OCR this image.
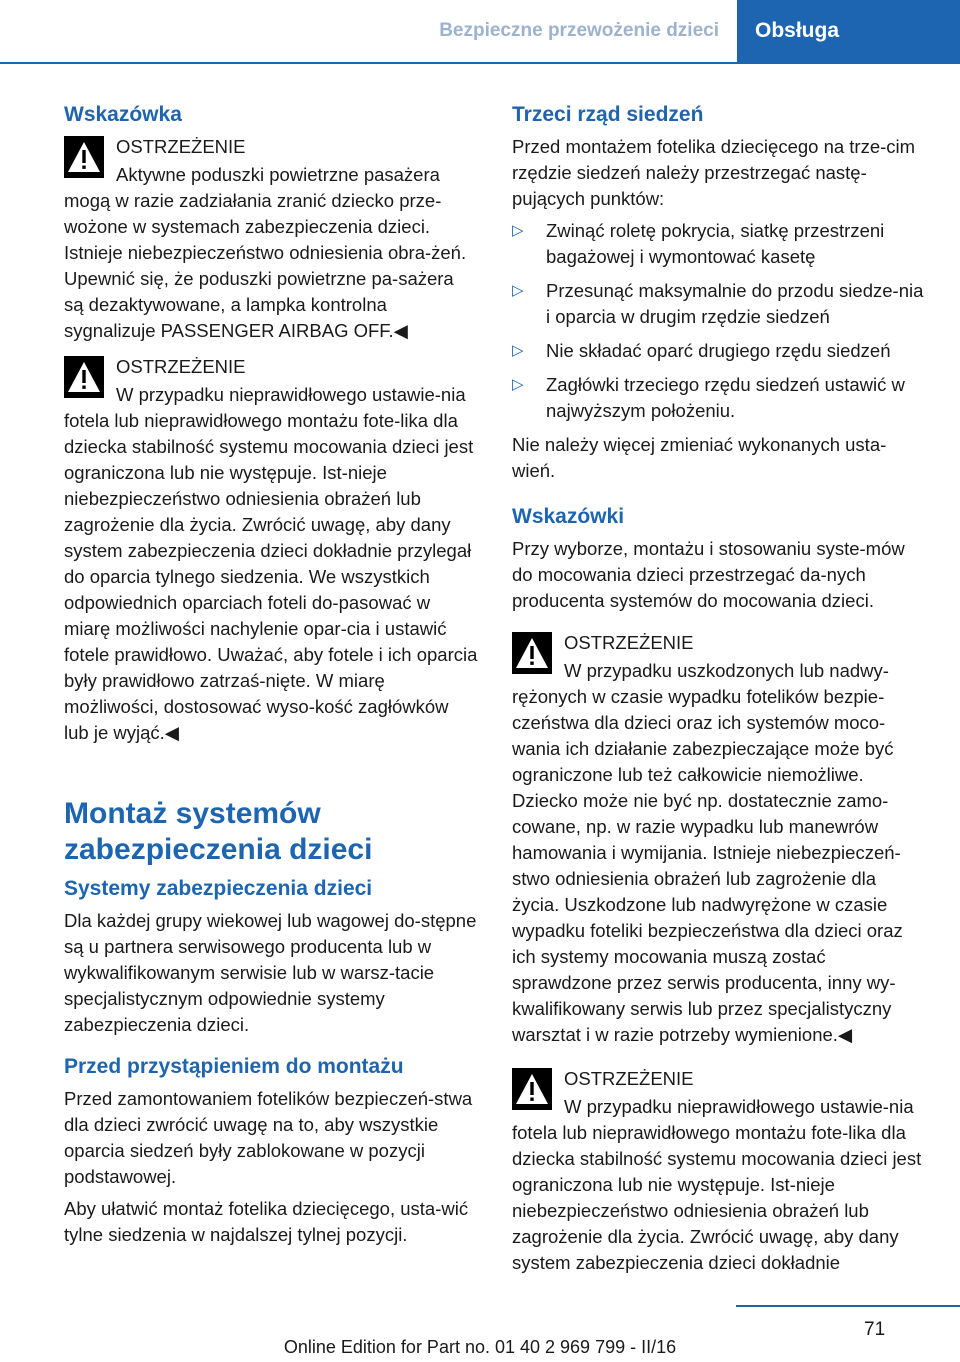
Bezpieczne przewożenie dzieci	Obsługa
Wskazówka
OSTRZEŻENIE

Aktywne poduszki powietrzne pasażera mogą w razie zadziałania zranić dziecko prze-wożone w systemach zabezpieczenia dzieci. Istnieje niebezpieczeństwo odniesienia obra-żeń. Upewnić się, że poduszki powietrzne pa-sażera są dezaktywowane, a lampka kontrolna sygnalizuje PASSENGER AIRBAG OFF.◀

OSTRZEŻENIE

W przypadku nieprawidłowego ustawie-nia fotela lub nieprawidłowego montażu fote-lika dla dziecka stabilność systemu mocowania dzieci jest ograniczona lub nie występuje. Ist-nieje niebezpieczeństwo odniesienia obrażeń lub zagrożenie dla życia. Zwrócić uwagę, aby dany system zabezpieczenia dzieci dokładnie przylegał do oparcia tylnego siedzenia. We wszystkich odpowiednich oparciach foteli do-pasować w miarę możliwości nachylenie opar-cia i ustawić fotele prawidłowo. Uważać, aby fotele i ich oparcia były prawidłowo zatrzaś-nięte. W miarę możliwości, dostosować wyso-kość zagłówków lub je wyjąć.◀

Montaż systemów zabezpieczenia dzieci
Systemy zabezpieczenia dzieci

Dla każdej grupy wiekowej lub wagowej do-stępne są u partnera serwisowego producenta lub w wykwalifikowanym serwisie lub w warsz-tacie specjalistycznym odpowiednie systemy zabezpieczenia dzieci.

Przed przystąpieniem do montażu

Przed zamontowaniem fotelików bezpieczeń-stwa dla dzieci zwrócić uwagę na to, aby wszystkie oparcia siedzeń były zablokowane w pozycji podstawowej.

Aby ułatwić montaż fotelika dziecięcego, usta-wić tylne siedzenia w najdalszej tylnej pozycji.

Trzeci rząd siedzeń

Przed montażem fotelika dziecięcego na trze-cim rzędzie siedzeń należy przestrzegać nastę-pujących punktów:

▷ Zwinąć roletę pokrycia, siatkę przestrzeni bagażowej i wymontować kasetę
▷ Przesunąć maksymalnie do przodu siedze-nia i oparcia w drugim rzędzie siedzeń
▷ Nie składać oparć drugiego rzędu siedzeń
▷ Zagłówki trzeciego rzędu siedzeń ustawić w najwyższym położeniu.

Nie należy więcej zmieniać wykonanych usta-wień.

Wskazówki

Przy wyborze, montażu i stosowaniu syste-mów do mocowania dzieci przestrzegać da-nych producenta systemów do mocowania dzieci.

OSTRZEŻENIE

W przypadku uszkodzonych lub nadwy-rężonych w czasie wypadku fotelików bezpie-czeństwa dla dzieci oraz ich systemów moco-wania ich działanie zabezpieczające może być ograniczone lub też całkowicie niemożliwe. Dziecko może nie być np. dostatecznie zamo-cowane, np. w razie wypadku lub manewrów hamowania i wymijania. Istnieje niebezpieczeń-stwo odniesienia obrażeń lub zagrożenie dla życia. Uszkodzone lub nadwyrężone w czasie wypadku foteliki bezpieczeństwa dla dzieci oraz ich systemy mocowania muszą zostać sprawdzone przez serwis producenta, inny wy-kwalifikowany serwis lub przez specjalistyczny warsztat i w razie potrzeby wymienione.◀

OSTRZEŻENIE

W przypadku nieprawidłowego ustawie-nia fotela lub nieprawidłowego montażu fote-lika dla dziecka stabilność systemu mocowania dzieci jest ograniczona lub nie występuje. Ist-nieje niebezpieczeństwo odniesienia obrażeń lub zagrożenie dla życia. Zwrócić uwagę, aby dany system zabezpieczenia dzieci dokładnie

71
Online Edition for Part no. 01 40 2 969 799 - II/16
